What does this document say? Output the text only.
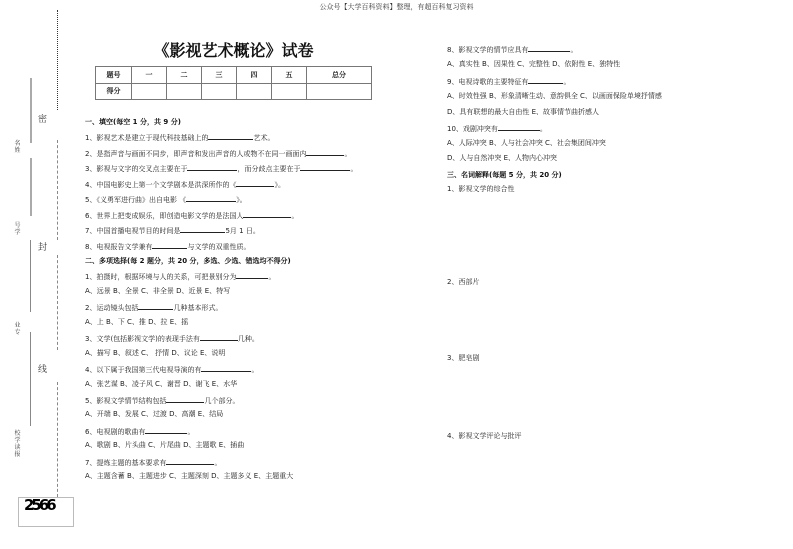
公众号【大学百科资料】整理，有超百科复习资料
密
封
线
名姓
号学
业专
校学读报
2566
《影视艺术概论》试卷
题号	一	二	三	四	五	总分
得分						
一、填空(每空 1 分，共 9 分)
1、影视艺术是建立于现代科技基础上的	艺术。
2、是指声音与画面不同步，即声音和发出声音的人或物不在同一画面内	。
3、影视与文字的交叉点主要在于	，而分歧点主要在于	。
4、中国电影史上第一个文学剧本是洪深所作的《	》。
5、《义勇军进行曲》出自电影 《	》。
6、世界上把变成娱乐，即创造电影文学的是法国人	。
7、中国首播电视节目的时间是	5月 1 日。
8、电视报告文学兼有	与文学的双重性质。
二、多项选择(每 2 题分，共 20 分，多选、少选、错选均不得分)
1、拍摄时，根据环境与人的关系，可把景别分为	。
A、远景 B、全景 C、非全景 D、近景 E、特写
2、运动镜头包括	几种基本形式。
A、上 B、下 C、推 D、拉 E、摇
3、文学(包括影视文学)的表现手法有	几种。
A、描写 B、叙述 C、 抒情 D、议论 E、说明
4、以下属于我国第三代电视导演的有	。
A、张艺谋 B、凌子风 C、谢晋 D、谢飞 E、水华
5、影视文学情节结构包括	几个部分。
A、开端 B、发展 C、过渡 D、高潮 E、结局
6、电视剧的歌曲有	。
A、歌剧 B、片头曲 C、片尾曲 D、主题歌 E、插曲
7、提炼主题的基本要求有	。
A、主题含蓄 B、主题进步 C、主题深刻 D、主题多义 E、主题重大
8、影视文学的情节应具有	。
A、真实性 B、因果性 C、完整性 D、依附性 E、独特性
9、电视诗歌的主要特征有	。
A、时效性强 B、形象清晰生动、意韵俱全 C、以画面保险单境抒情感
D、具有联想的最大自由性 E、故事情节曲折感人
10、戏剧冲突有	。
A、人际冲突 B、人与社会冲突 C、社会集团间冲突
D、人与自然冲突 E、人物内心冲突
三、名词解释(每题 5 分，共 20 分)
1、影视文学的综合性
2、西部片
3、肥皂剧
4、影视文学评论与批评
